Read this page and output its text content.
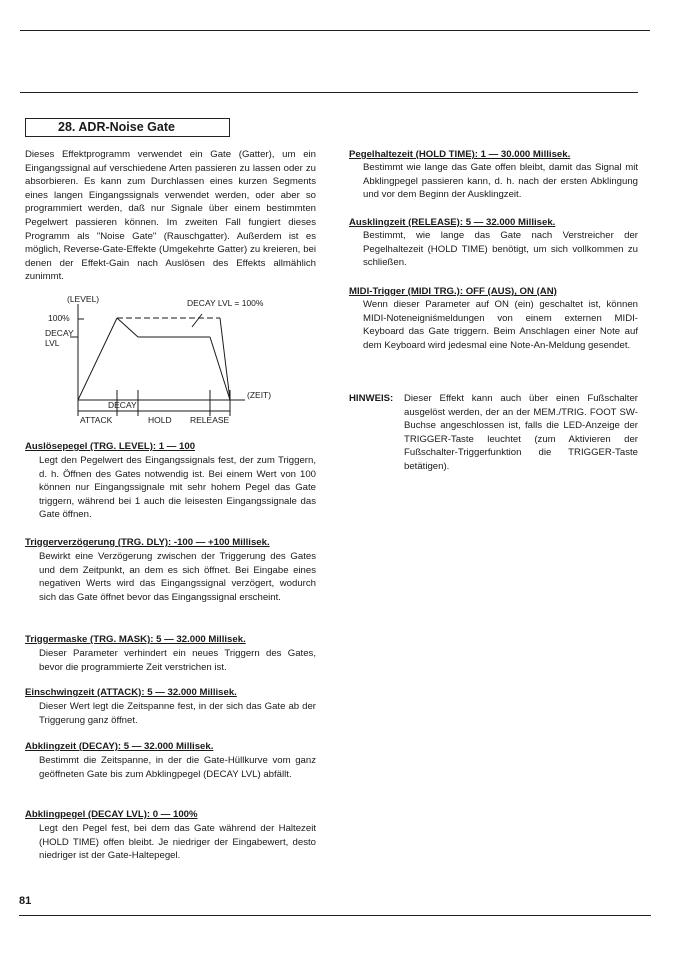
28. ADR-Noise Gate

Dieses Effektprogramm verwendet ein Gate (Gatter), um ein Eingangssignal auf verschiedene Arten passieren zu lassen oder zu absorbieren. Es kann zum Durchlassen eines kurzen Segments eines langen Eingangssignals verwendet werden, oder aber so programmiert werden, daß nur Signale über einem bestimmten Pegelwert passieren können. Im zweiten Fall fungiert dieses Programm als "Noise Gate" (Rauschgatter). Außerdem ist es möglich, Reverse-Gate-Effekte (Umgekehrte Gatter) zu kreieren, bei denen der Effekt-Gain nach Auslösen des Effekts allmählich zunimmt.

(LEVEL)	DECAY LVL = 100%
100%
DECAY
LVL
(ZEIT)
DECAY
ATTACK	HOLD RELEASE

Auslösepegel (TRG. LEVEL): 1 — 100

Legt den Pegelwert des Eingangssignals fest, der zum Triggern, d. h. Öffnen des Gates notwendig ist. Bei einem Wert von 100 können nur Eingangssignale mit sehr hohem Pegel das Gate triggern, während bei 1 auch die leisesten Eingangssignale das Gate öffnen.

Triggerverzögerung (TRG. DLY): -100 — +100 Millisek.

Bewirkt eine Verzögerung zwischen der Triggerung des Gates und dem Zeitpunkt, an dem es sich öffnet. Bei Eingabe eines negativen Werts wird das Eingangssignal verzögert, wodurch sich das Gate öffnet bevor das Eingangssignal erscheint.

Triggermaske (TRG. MASK): 5 — 32.000 Millisek.

Dieser Parameter verhindert ein neues Triggern des Gates, bevor die programmierte Zeit verstrichen ist.

Einschwingzeit (ATTACK): 5 — 32.000 Millisek.

Dieser Wert legt die Zeitspanne fest, in der sich das Gate ab der Triggerung ganz öffnet.

Abklingzeit (DECAY): 5 — 32.000 Millisek.

Bestimmt die Zeitspanne, in der die Gate-Hüllkurve vom ganz geöffneten Gate bis zum Abklingpegel (DECAY LVL) abfällt.

Abklingpegel (DECAY LVL): 0 — 100%

Legt den Pegel fest, bei dem das Gate während der Haltezeit (HOLD TIME) offen bleibt. Je niedriger der Eingabewert, desto niedriger ist der Gate-Haltepegel.

Pegelhaltezeit (HOLD TIME): 1 — 30.000 Millisek.

Bestimmt wie lange das Gate offen bleibt, damit das Signal mit Abklingpegel passieren kann, d. h. nach der ersten Abklingung und vor dem Beginn der Ausklingzeit.

Ausklingzeit (RELEASE): 5 — 32.000 Millisek.

Bestimmt, wie lange das Gate nach Verstreicher der Pegelhaltezeit (HOLD TIME) benötigt, um sich vollkommen zu schließen.

MIDI-Trigger (MIDI TRG.): OFF (AUS), ON (AN)

Wenn dieser Parameter auf ON (ein) geschaltet ist, können MIDI-Noteneigniśmeldungen von einem externen MIDI-Keyboard das Gate triggern. Beim Anschlagen einer Note auf dem Keyboard wird jedesmal eine Note-An-Meldung gesendet.

HINWEIS: Dieser Effekt kann auch über einen Fußschalter ausgelöst werden, der an der MEM./TRIG. FOOT SW-Buchse angeschlossen ist, falls die LED-Anzeige der TRIGGER-Taste leuchtet (zum Aktivieren der Fußschalter-Triggerfunktion die TRIGGER-Taste betätigen).

81
